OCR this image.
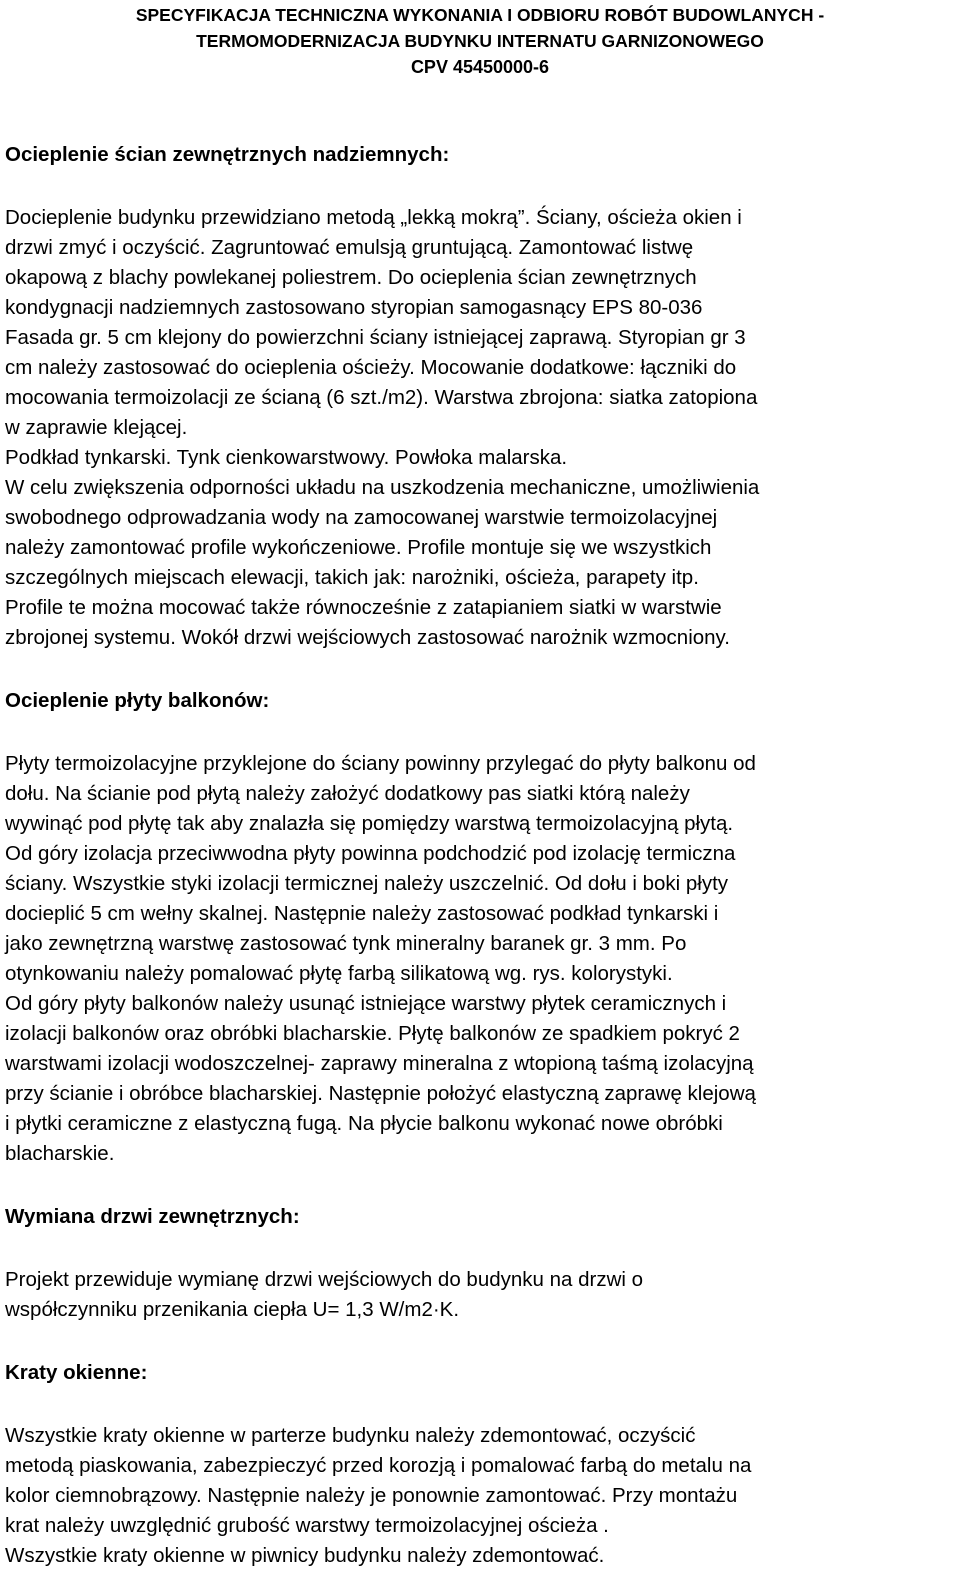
SPECYFIKACJA TECHNICZNA WYKONANIA I ODBIORU ROBÓT BUDOWLANYCH -
TERMOMODERNIZACJA BUDYNKU INTERNATU GARNIZONOWEGO
CPV 45450000-6

Ocieplenie ścian zewnętrznych nadziemnych:

Docieplenie budynku przewidziano metodą „lekką mokrą”. Ściany, ościeża okien i

drzwi zmyć i oczyścić. Zagruntować emulsją gruntującą. Zamontować listwę

okapową z blachy powlekanej poliestrem. Do ocieplenia ścian zewnętrznych

kondygnacji nadziemnych zastosowano styropian samogasnący EPS 80-036

Fasada gr. 5 cm klejony do powierzchni ściany istniejącej zaprawą. Styropian gr 3

cm należy zastosować do ocieplenia ościeży. Mocowanie dodatkowe: łączniki do

mocowania termoizolacji ze ścianą (6 szt./m2). Warstwa zbrojona: siatka zatopiona

w zaprawie klejącej.

Podkład tynkarski. Tynk cienkowarstwowy. Powłoka malarska.

W celu zwiększenia odporności układu na uszkodzenia mechaniczne, umożliwienia

swobodnego odprowadzania wody na zamocowanej warstwie termoizolacyjnej

należy zamontować profile wykończeniowe. Profile montuje się we wszystkich

szczególnych miejscach elewacji, takich jak: narożniki, ościeża, parapety itp.

Profile te można mocować także równocześnie z zatapianiem siatki w warstwie

zbrojonej systemu. Wokół drzwi wejściowych zastosować narożnik wzmocniony.

Ocieplenie płyty balkonów:

Płyty termoizolacyjne przyklejone do ściany powinny przylegać do płyty balkonu od

dołu. Na ścianie pod płytą należy założyć dodatkowy pas siatki którą należy

wywinąć pod płytę tak aby znalazła się pomiędzy warstwą termoizolacyjną płytą.

Od góry izolacja przeciwwodna płyty powinna podchodzić pod izolację termiczna

ściany. Wszystkie styki izolacji termicznej należy uszczelnić. Od dołu i boki płyty

docieplić 5 cm wełny skalnej. Następnie należy zastosować podkład tynkarski i

jako zewnętrzną warstwę zastosować tynk mineralny baranek gr. 3 mm. Po

otynkowaniu należy pomalować płytę farbą silikatową wg. rys. kolorystyki.

Od góry płyty balkonów należy usunąć istniejące warstwy płytek ceramicznych i

izolacji balkonów oraz obróbki blacharskie. Płytę balkonów ze spadkiem pokryć 2

warstwami izolacji wodoszczelnej- zaprawy mineralna z wtopioną taśmą izolacyjną

przy ścianie i obróbce blacharskiej. Następnie położyć elastyczną zaprawę klejową

i płytki ceramiczne z elastyczną fugą. Na płycie balkonu wykonać nowe obróbki

blacharskie.

Wymiana drzwi zewnętrznych:

Projekt przewiduje wymianę drzwi wejściowych do budynku na drzwi o

współczynniku przenikania ciepła U= 1,3 W/m2·K.

Kraty okienne:

Wszystkie kraty okienne w parterze budynku należy zdemontować, oczyścić

metodą piaskowania, zabezpieczyć przed korozją i pomalować farbą do metalu na

kolor ciemnobrązowy. Następnie należy je ponownie zamontować. Przy montażu

krat należy uwzględnić grubość warstwy termoizolacyjnej ościeża .

Wszystkie kraty okienne w piwnicy budynku należy zdemontować.
